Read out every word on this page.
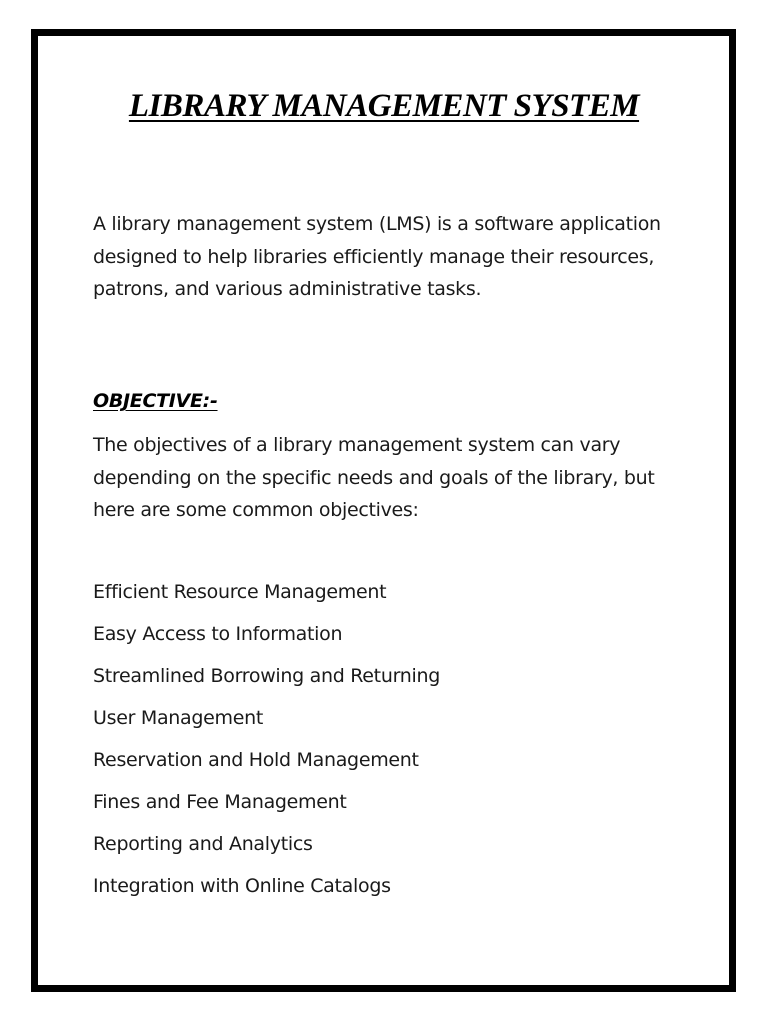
LIBRARY MANAGEMENT SYSTEM

A library management system (LMS) is a software application designed to help libraries efficiently manage their resources, patrons, and various administrative tasks.

OBJECTIVE:-

The objectives of a library management system can vary depending on the specific needs and goals of the library, but here are some common objectives:

Efficient Resource Management
Easy Access to Information
Streamlined Borrowing and Returning
User Management
Reservation and Hold Management
Fines and Fee Management
Reporting and Analytics
Integration with Online Catalogs
